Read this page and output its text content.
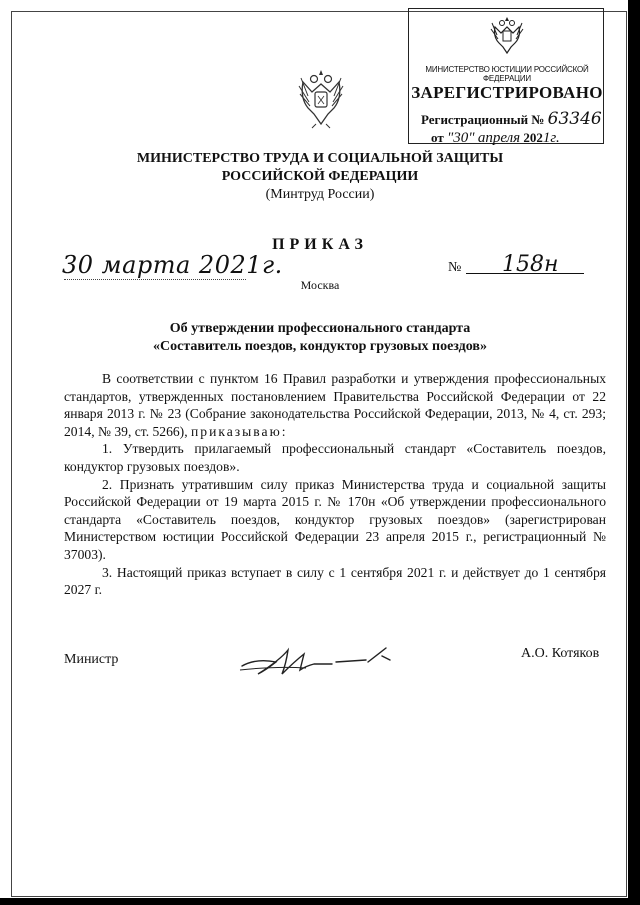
МИНИСТЕРСТВО ЮСТИЦИИ РОССИЙСКОЙ ФЕДЕРАЦИИ
ЗАРЕГИСТРИРОВАНО
Регистрационный № 63346
от "30" апреля 2021г.
МИНИСТЕРСТВО ТРУДА И СОЦИАЛЬНОЙ ЗАЩИТЫ
РОССИЙСКОЙ ФЕДЕРАЦИИ
(Минтруд России)
ПРИКАЗ
30 марта 2021г.	№ 158н
Москва
Об утверждении профессионального стандарта
«Составитель поездов, кондуктор грузовых поездов»

В соответствии с пунктом 16 Правил разработки и утверждения профессиональных стандартов, утвержденных постановлением Правительства Российской Федерации от 22 января 2013 г. № 23 (Собрание законодательства Российской Федерации, 2013, № 4, ст. 293; 2014, № 39, ст. 5266), приказываю:

1. Утвердить прилагаемый профессиональный стандарт «Составитель поездов, кондуктор грузовых поездов».

2. Признать утратившим силу приказ Министерства труда и социальной защиты Российской Федерации от 19 марта 2015 г. № 170н «Об утверждении профессионального стандарта «Составитель поездов, кондуктор грузовых поездов» (зарегистрирован Министерством юстиции Российской Федерации 23 апреля 2015 г., регистрационный № 37003).

3. Настоящий приказ вступает в силу с 1 сентября 2021 г. и действует до 1 сентября 2027 г.

Министр	А.О. Котяков
